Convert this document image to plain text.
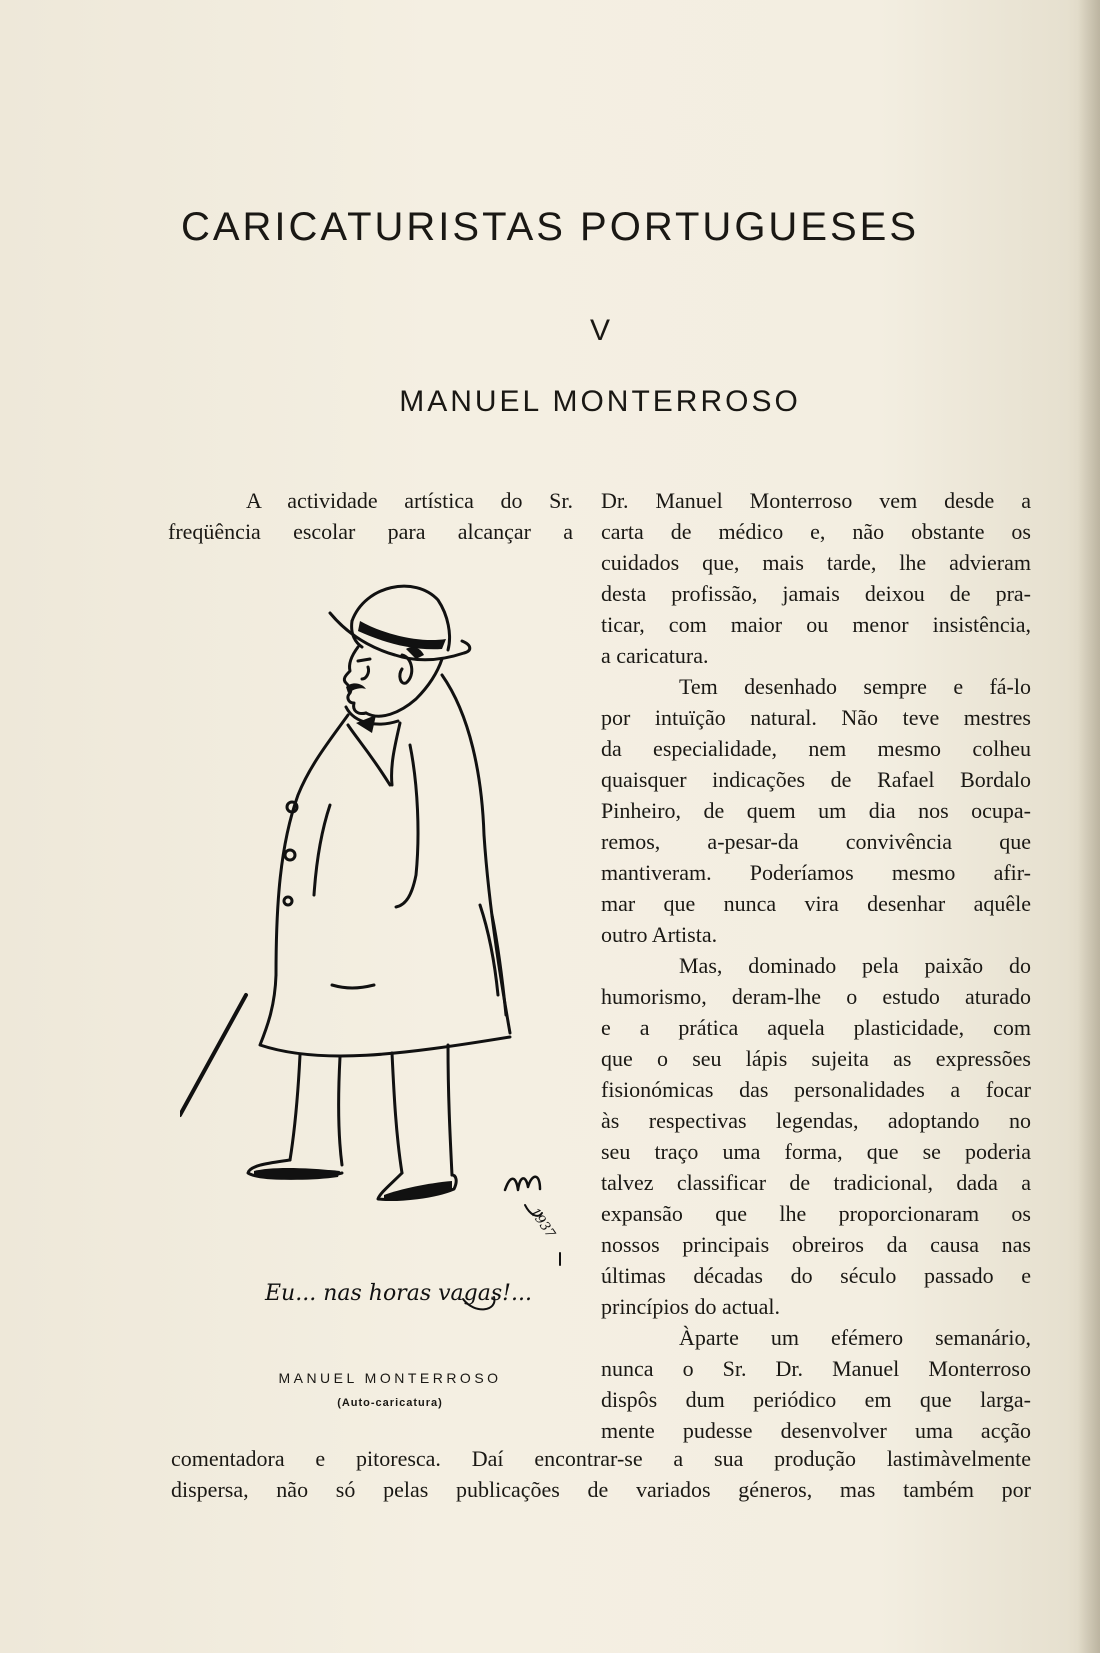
CARICATURISTAS PORTUGUESES
V
MANUEL MONTERROSO
A actividade artística do Sr.
freqüência escolar para alcançar a
Dr. Manuel Monterroso vem desde a
carta de médico e, não obstante os
cuidados que, mais tarde, lhe advieram
desta profissão, jamais deixou de pra-
ticar, com maior ou menor insistência,
a caricatura.
Tem desenhado sempre e fá-lo
por intuïção natural. Não teve mestres
da especialidade, nem mesmo colheu
quaisquer indicações de Rafael Bordalo
Pinheiro, de quem um dia nos ocupa-
remos, a-pesar-da convivência que
mantiveram. Poderíamos mesmo afir-
mar que nunca vira desenhar aquêle
outro Artista.
Mas, dominado pela paixão do
humorismo, deram-lhe o estudo aturado
e a prática aquela plasticidade, com
que o seu lápis sujeita as expressões
fisionómicas das personalidades a focar
às respectivas legendas, adoptando no
seu traço uma forma, que se poderia
talvez classificar de tradicional, dada a
expansão que lhe proporcionaram os
nossos principais obreiros da causa nas
últimas décadas do século passado e
princípios do actual.
Àparte um efémero semanário,
nunca o Sr. Dr. Manuel Monterroso
dispôs dum periódico em que larga-
mente pudesse desenvolver uma acção
comentadora e pitoresca. Daí encontrar-se a sua produção lastimàvelmente
dispersa, não só pelas publicações de variados géneros, mas também por
1937
Eu... nas horas vagas!...
MANUEL MONTERROSO
(Auto-caricatura)
